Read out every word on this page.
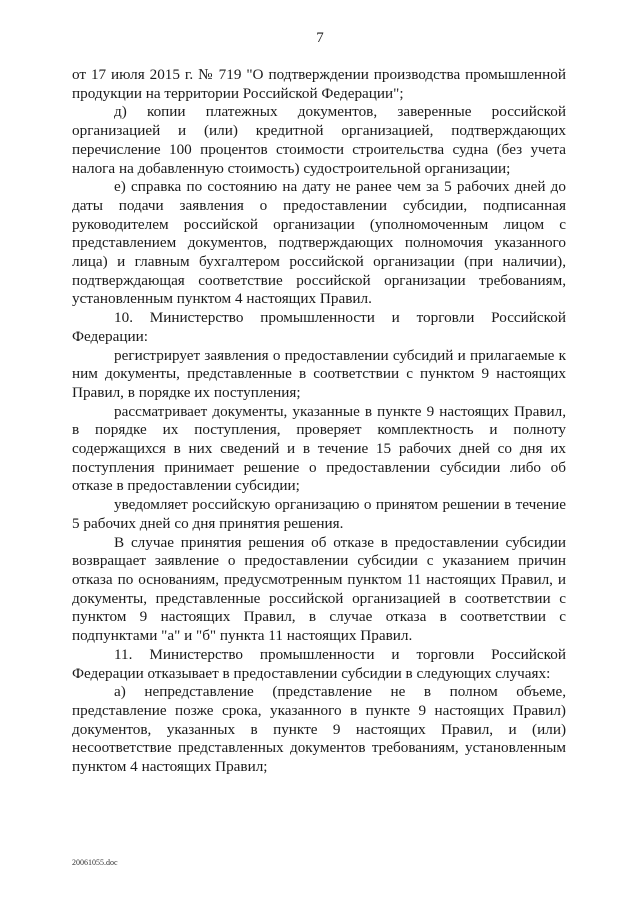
7

от 17 июля 2015 г. № 719 "О подтверждении производства промышленной продукции на территории Российской Федерации";

д) копии платежных документов, заверенные российской организацией и (или) кредитной организацией, подтверждающих перечисление 100 процентов стоимости строительства судна (без учета налога на добавленную стоимость) судостроительной организации;

е) справка по состоянию на дату не ранее чем за 5 рабочих дней до даты подачи заявления о предоставлении субсидии, подписанная руководителем российской организации (уполномоченным лицом с представлением документов, подтверждающих полномочия указанного лица) и главным бухгалтером российской организации (при наличии), подтверждающая соответствие российской организации требованиям, установленным пунктом 4 настоящих Правил.

10. Министерство промышленности и торговли Российской Федерации:

регистрирует заявления о предоставлении субсидий и прилагаемые к ним документы, представленные в соответствии с пунктом 9 настоящих Правил, в порядке их поступления;

рассматривает документы, указанные в пункте 9 настоящих Правил, в порядке их поступления, проверяет комплектность и полноту содержащихся в них сведений и в течение 15 рабочих дней со дня их поступления принимает решение о предоставлении субсидии либо об отказе в предоставлении субсидии;

уведомляет российскую организацию о принятом решении в течение 5 рабочих дней со дня принятия решения.

В случае принятия решения об отказе в предоставлении субсидии возвращает заявление о предоставлении субсидии с указанием причин отказа по основаниям, предусмотренным пунктом 11 настоящих Правил, и документы, представленные российской организацией в соответствии с пунктом 9 настоящих Правил, в случае отказа в соответствии с подпунктами "а" и "б" пункта 11 настоящих Правил.

11. Министерство промышленности и торговли Российской Федерации отказывает в предоставлении субсидии в следующих случаях:

а) непредставление (представление не в полном объеме, представление позже срока, указанного в пункте 9 настоящих Правил) документов, указанных в пункте 9 настоящих Правил, и (или) несоответствие представленных документов требованиям, установленным пунктом 4 настоящих Правил;

20061055.doc
